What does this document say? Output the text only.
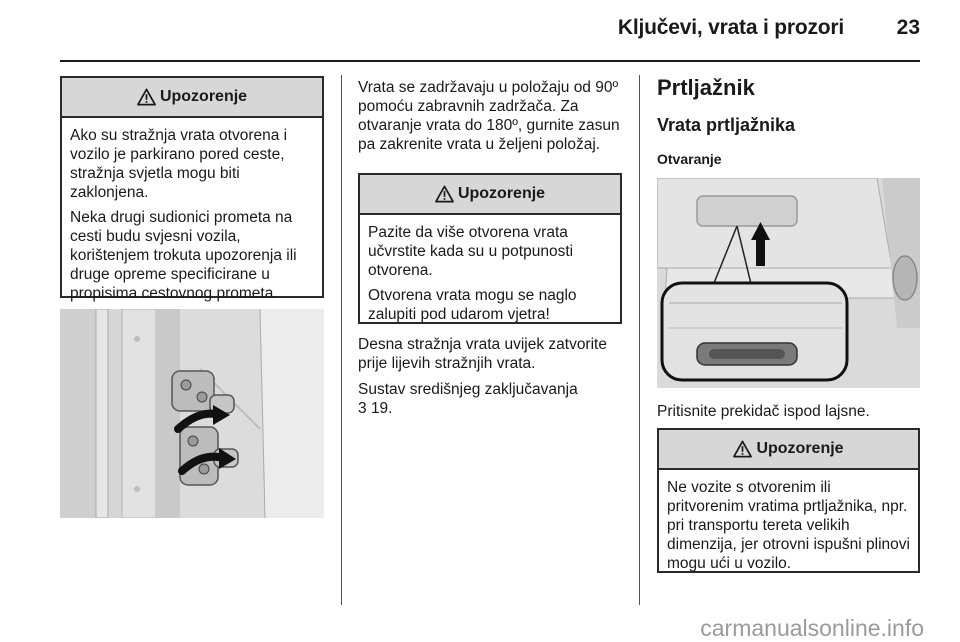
Ključevi, vrata i prozori	23
Upozorenje

Ako su stražnja vrata otvorena i vozilo je parkirano pored ceste, stražnja svjetla mogu biti zaklonjena.

Neka drugi sudionici prometa na cesti budu svjesni vozila, korištenjem trokuta upozorenja ili druge opreme specificirane u propisima cestovnog prometa.

Vrata se zadržavaju u položaju od 90º pomoću zabravnih zadržača. Za otvaranje vrata do 180º, gurnite zasun pa zakrenite vrata u željeni položaj.

Upozorenje

Pazite da više otvorena vrata učvrstite kada su u potpunosti otvorena.

Otvorena vrata mogu se naglo zalupiti pod udarom vjetra!

Desna stražnja vrata uvijek zatvorite prije lijevih stražnjih vrata.

Sustav središnjeg zaključavanja
3 19.

Prtljažnik
Vrata prtljažnika
Otvaranje

Pritisnite prekidač ispod lajsne.

Upozorenje

Ne vozite s otvorenim ili pritvorenim vratima prtljažnika, npr. pri transportu tereta velikih dimenzija, jer otrovni ispušni plinovi mogu ući u vozilo.

carmanualsonline.info
